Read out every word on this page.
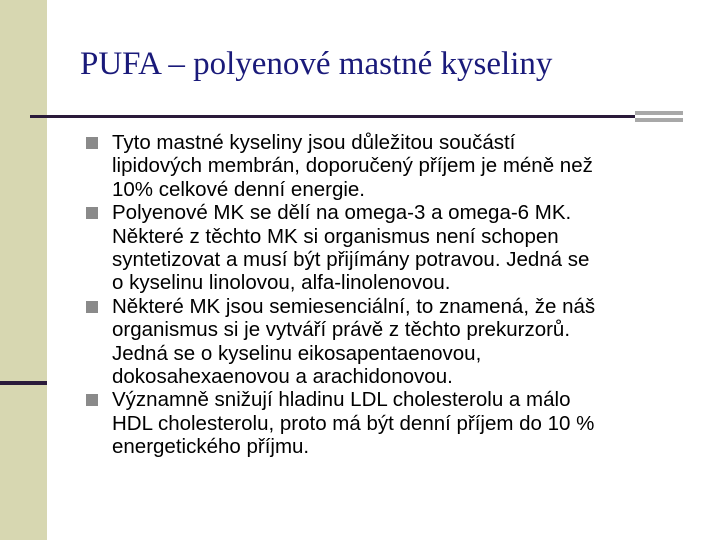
PUFA – polyenové mastné kyseliny
Tyto mastné kyseliny jsou důležitou součástí
lipidových membrán, doporučený příjem je méně než
10% celkové denní energie.
Polyenové MK se dělí na omega-3 a omega-6 MK.
Některé z těchto MK si organismus není schopen
syntetizovat a musí být přijímány potravou. Jedná se
o kyselinu linolovou, alfa-linolenovou.
Některé MK jsou semiesenciální, to znamená, že náš
organismus si je vytváří právě z těchto prekurzorů.
Jedná se o kyselinu eikosapentaenovou,
dokosahexaenovou a arachidonovou.
Významně snižují hladinu LDL cholesterolu a málo
HDL cholesterolu, proto má být denní příjem do 10 %
energetického příjmu.
